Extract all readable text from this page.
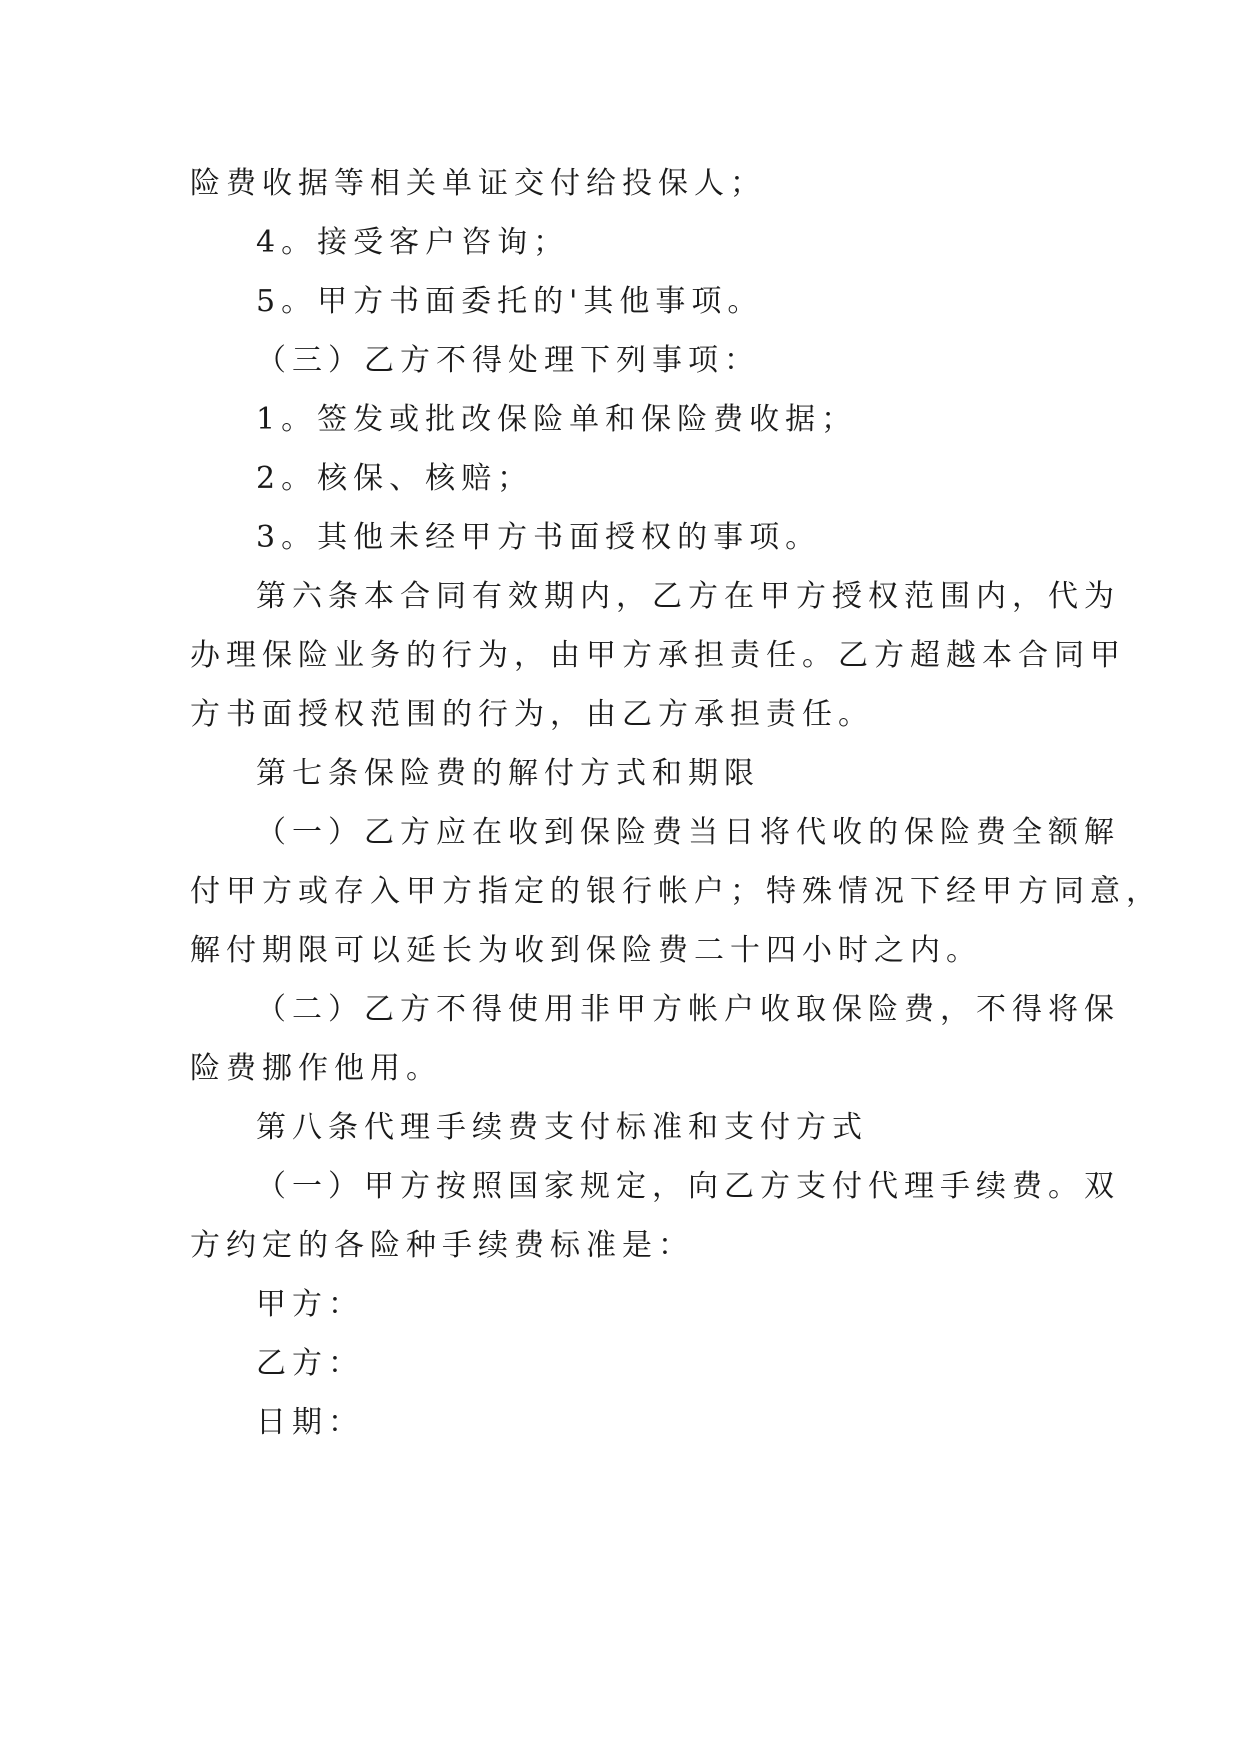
险费收据等相关单证交付给投保人；
4。接受客户咨询；
5。甲方书面委托的'其他事项。
（三）乙方不得处理下列事项：
1。签发或批改保险单和保险费收据；
2。核保、核赔；
3。其他未经甲方书面授权的事项。
第六条本合同有效期内，乙方在甲方授权范围内，代为
办理保险业务的行为，由甲方承担责任。乙方超越本合同甲
方书面授权范围的行为，由乙方承担责任。
第七条保险费的解付方式和期限
（一）乙方应在收到保险费当日将代收的保险费全额解
付甲方或存入甲方指定的银行帐户；特殊情况下经甲方同意，
解付期限可以延长为收到保险费二十四小时之内。
（二）乙方不得使用非甲方帐户收取保险费，不得将保
险费挪作他用。
第八条代理手续费支付标准和支付方式
（一）甲方按照国家规定，向乙方支付代理手续费。双
方约定的各险种手续费标准是：
甲方：
乙方：
日期：
